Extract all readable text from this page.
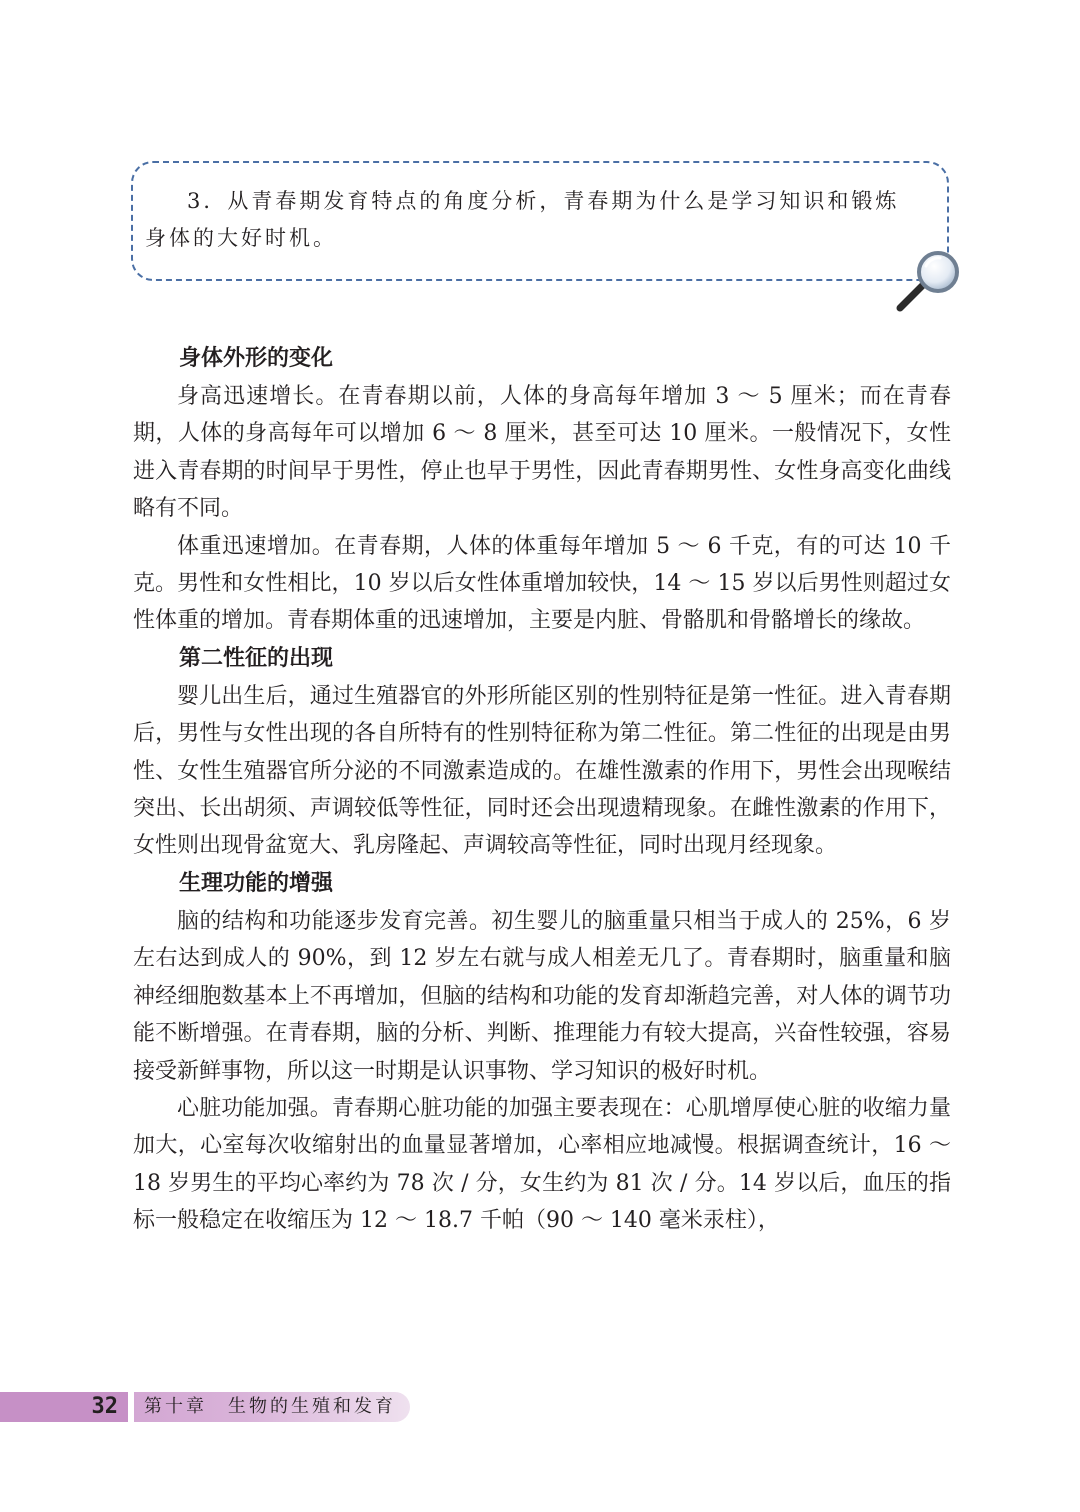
3．从青春期发育特点的角度分析，青春期为什么是学习知识和锻炼身体的大好时机。

身体外形的变化

身高迅速增长。在青春期以前，人体的身高每年增加 3 ～ 5 厘米；而在青春期，人体的身高每年可以增加 6 ～ 8 厘米，甚至可达 10 厘米。一般情况下，女性进入青春期的时间早于男性，停止也早于男性，因此青春期男性、女性身高变化曲线略有不同。

体重迅速增加。在青春期，人体的体重每年增加 5 ～ 6 千克，有的可达 10 千克。男性和女性相比，10 岁以后女性体重增加较快，14 ～ 15 岁以后男性则超过女性体重的增加。青春期体重的迅速增加，主要是内脏、骨骼肌和骨骼增长的缘故。

第二性征的出现

婴儿出生后，通过生殖器官的外形所能区别的性别特征是第一性征。进入青春期后，男性与女性出现的各自所特有的性别特征称为第二性征。第二性征的出现是由男性、女性生殖器官所分泌的不同激素造成的。在雄性激素的作用下，男性会出现喉结突出、长出胡须、声调较低等性征，同时还会出现遗精现象。在雌性激素的作用下，女性则出现骨盆宽大、乳房隆起、声调较高等性征，同时出现月经现象。

生理功能的增强

脑的结构和功能逐步发育完善。初生婴儿的脑重量只相当于成人的 25%，6 岁左右达到成人的 90%，到 12 岁左右就与成人相差无几了。青春期时，脑重量和脑神经细胞数基本上不再增加，但脑的结构和功能的发育却渐趋完善，对人体的调节功能不断增强。在青春期，脑的分析、判断、推理能力有较大提高，兴奋性较强，容易接受新鲜事物，所以这一时期是认识事物、学习知识的极好时机。

心脏功能加强。青春期心脏功能的加强主要表现在：心肌增厚使心脏的收缩力量加大，心室每次收缩射出的血量显著增加，心率相应地减慢。根据调查统计，16 ～ 18 岁男生的平均心率约为 78 次 / 分，女生约为 81 次 / 分。14 岁以后，血压的指标一般稳定在收缩压为 12 ～ 18.7 千帕（90 ～ 140 毫米汞柱），

32	第十章　生物的生殖和发育
